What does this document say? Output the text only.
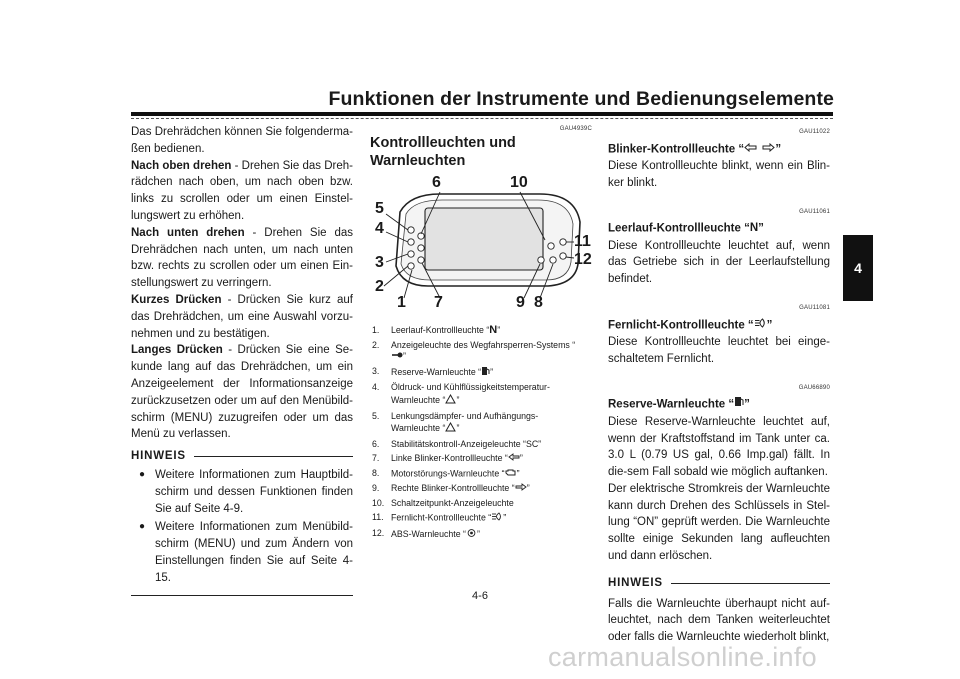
Funktionen der Instrumente und Bedienungselemente
4

Das Drehrädchen können Sie folgenderma-ßen bedienen.

Nach oben drehen - Drehen Sie das Dreh-rädchen nach oben, um nach oben bzw. links zu scrollen oder um einen Einstel-lungswert zu erhöhen.

Nach unten drehen - Drehen Sie das Drehrädchen nach unten, um nach unten bzw. rechts zu scrollen oder um einen Ein-stellungswert zu verringern.

Kurzes Drücken - Drücken Sie kurz auf das Drehrädchen, um eine Auswahl vorzu-nehmen und zu bestätigen.

Langes Drücken - Drücken Sie eine Se-kunde lang auf das Drehrädchen, um ein Anzeigeelement der Informationsanzeige zurückzusetzen oder um auf den Menübild-schirm (MENU) zuzugreifen oder um das Menü zu verlassen.

HINWEIS
● Weitere Informationen zum Hauptbild-schirm und dessen Funktionen finden Sie auf Seite 4-9.
● Weitere Informationen zum Menübild-schirm (MENU) und zum Ändern von Einstellungen finden Sie auf Seite 4-15.
GAU4939C
Kontrollleuchten und Warnleuchten
6	10
5
4
3
2
1 7	9 8
11
12
1.	Leerlauf-Kontrollleuchte “N”
2.	Anzeigeleuchte des Wegfahrsperren-Systems “”
3.	Reserve-Warnleuchte “ ”
4.	Öldruck- und Kühlflüssigkeitstemperatur-Warnleuchte “ ”
5.	Lenkungsdämpfer- und Aufhängungs-Warnleuchte “ ”
6.	Stabilitätskontroll-Anzeigeleuchte “SC”
7.	Linke Blinker-Kontrollleuchte “ ”
8.	Motorstörungs-Warnleuchte “ ”
9.	Rechte Blinker-Kontrollleuchte “ ”
10. Schaltzeitpunkt-Anzeigeleuchte
11. Fernlicht-Kontrollleuchte “ ”
12. ABS-Warnleuchte “ ”
4-6
GAU11022
Blinker-Kontrollleuchte “	”

Diese Kontrollleuchte blinkt, wenn ein Blin-ker blinkt.

GAU11061
Leerlauf-Kontrollleuchte “N”

Diese Kontrollleuchte leuchtet auf, wenn das Getriebe sich in der Leerlaufstellung befindet.

GAU11081
Fernlicht-Kontrollleuchte “ ”

Diese Kontrollleuchte leuchtet bei einge-schaltetem Fernlicht.

GAU66890
Reserve-Warnleuchte “ ”

Diese Reserve-Warnleuchte leuchtet auf, wenn der Kraftstoffstand im Tank unter ca. 3.0 L (0.79 US gal, 0.66 Imp.gal) fällt. In die-sem Fall sobald wie möglich auftanken.

Der elektrische Stromkreis der Warnleuchte kann durch Drehen des Schlüssels in Stel-lung “ON” geprüft werden. Die Warnleuchte sollte einige Sekunden lang aufleuchten und dann erlöschen.

HINWEIS

Falls die Warnleuchte überhaupt nicht auf-leuchtet, nach dem Tanken weiterleuchtet oder falls die Warnleuchte wiederholt blinkt,

carmanualsonline.info
